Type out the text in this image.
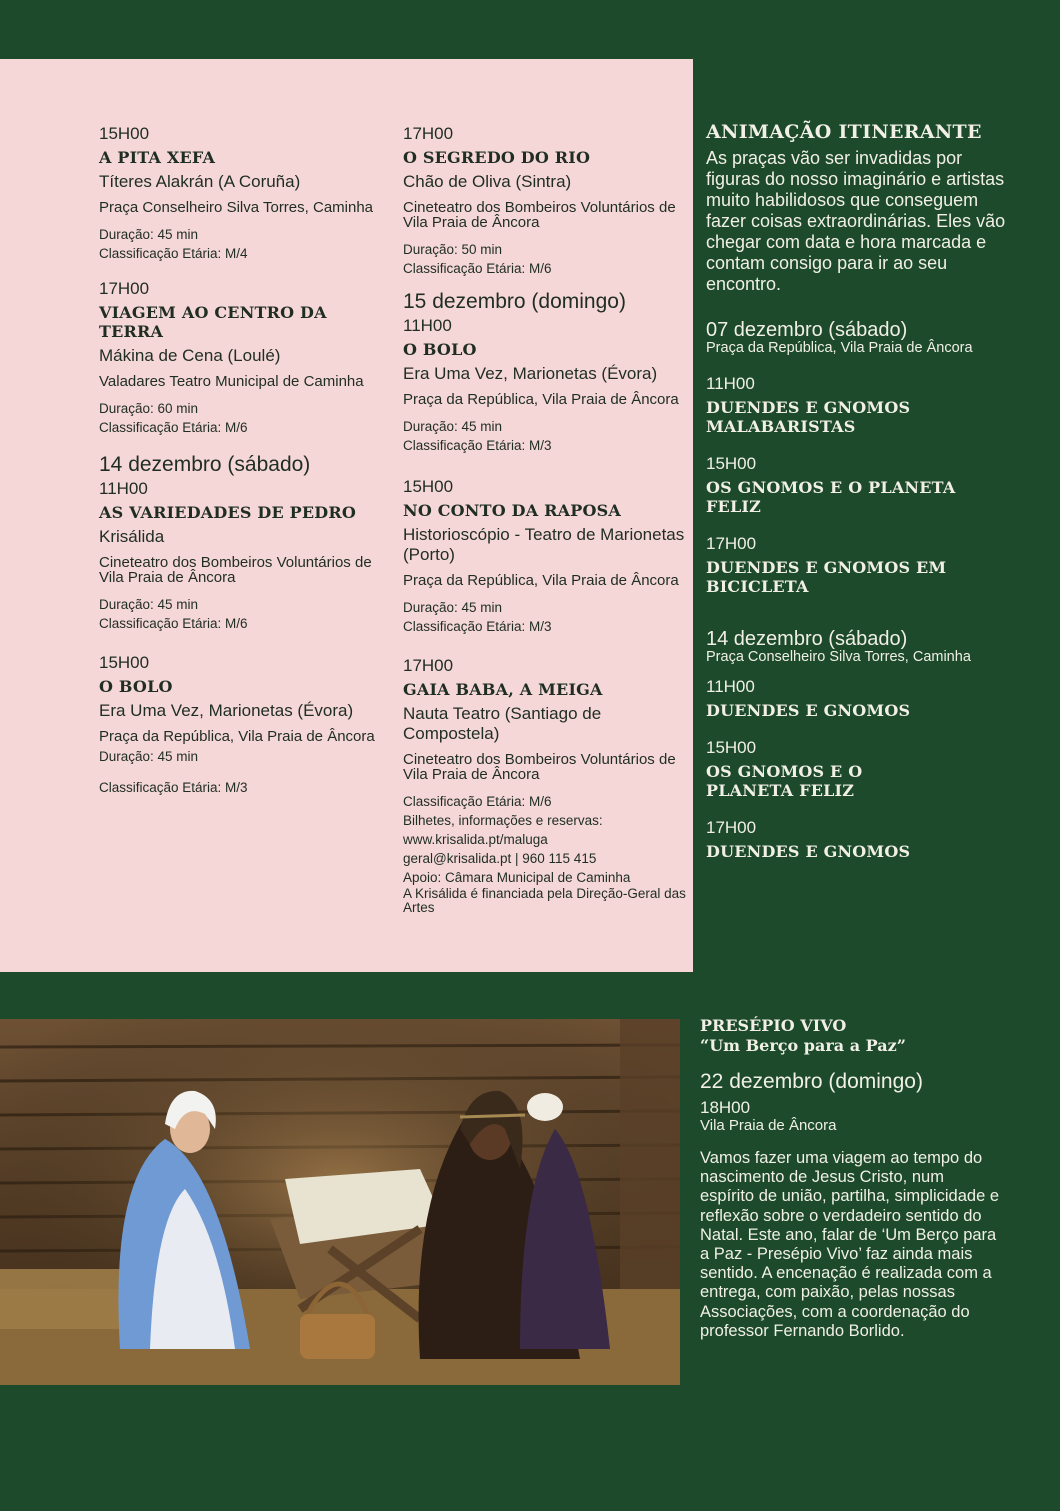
15H00

A PITA XEFA

Títeres Alakrán (A Coruña)

Praça Conselheiro Silva Torres, Caminha

Duração: 45 min
Classificação Etária: M/4

17H00

VIAGEM AO CENTRO DA TERRA

Mákina de Cena (Loulé)

Valadares Teatro Municipal de Caminha

Duração: 60 min
Classificação Etária: M/6

14 dezembro (sábado)

11H00

AS VARIEDADES DE PEDRO

Krisálida

Cineteatro dos Bombeiros Voluntários de Vila Praia de Âncora

Duração: 45 min
Classificação Etária: M/6

15H00

O BOLO

Era Uma Vez, Marionetas (Évora)

Praça da República, Vila Praia de Âncora

Duração: 45 min
Classificação Etária: M/3

17H00

O SEGREDO DO RIO

Chão de Oliva (Sintra)

Cineteatro dos Bombeiros Voluntários de Vila Praia de Âncora

Duração: 50 min
Classificação Etária: M/6

15 dezembro (domingo)

11H00

O BOLO

Era Uma Vez, Marionetas (Évora)

Praça da República, Vila Praia de Âncora

Duração: 45 min
Classificação Etária: M/3

15H00

NO CONTO DA RAPOSA

Historioscópio - Teatro de Marionetas (Porto)

Praça da República, Vila Praia de Âncora

Duração: 45 min
Classificação Etária: M/3

17H00

GAIA BABA, A MEIGA

Nauta Teatro (Santiago de Compostela)

Cineteatro dos Bombeiros Voluntários de Vila Praia de Âncora

Classificação Etária: M/6
Bilhetes, informações e reservas:
www.krisalida.pt/maluga
geral@krisalida.pt | 960 115 415
Apoio: Câmara Municipal de Caminha
A Krisálida é financiada pela Direção-Geral das Artes

ANIMAÇÃO ITINERANTE

As praças vão ser invadidas por figuras do nosso imaginário e artistas muito habilidosos que conseguem fazer coisas extraordinárias. Eles vão chegar com data e hora marcada e contam consigo para ir ao seu encontro.

07 dezembro (sábado)

Praça da República, Vila Praia de Âncora

11H00

DUENDES E GNOMOS MALABARISTAS

15H00

OS GNOMOS E O PLANETA FELIZ

17H00

DUENDES E GNOMOS EM BICICLETA

14 dezembro (sábado)

Praça Conselheiro Silva Torres, Caminha

11H00

DUENDES E GNOMOS

15H00

OS GNOMOS E O PLANETA FELIZ

17H00

DUENDES E GNOMOS

PRESÉPIO VIVO
“Um Berço para a Paz”

22 dezembro (domingo)

18H00

Vila Praia de Âncora

Vamos fazer uma viagem ao tempo do nascimento de Jesus Cristo, num espírito de união, partilha, simplicidade e reflexão sobre o verdadeiro sentido do Natal. Este ano, falar de ‘Um Berço para a Paz - Presépio Vivo’ faz ainda mais sentido. A encenação é realizada com a entrega, com paixão, pelas nossas Associações, com a coordenação do professor Fernando Borlido.
